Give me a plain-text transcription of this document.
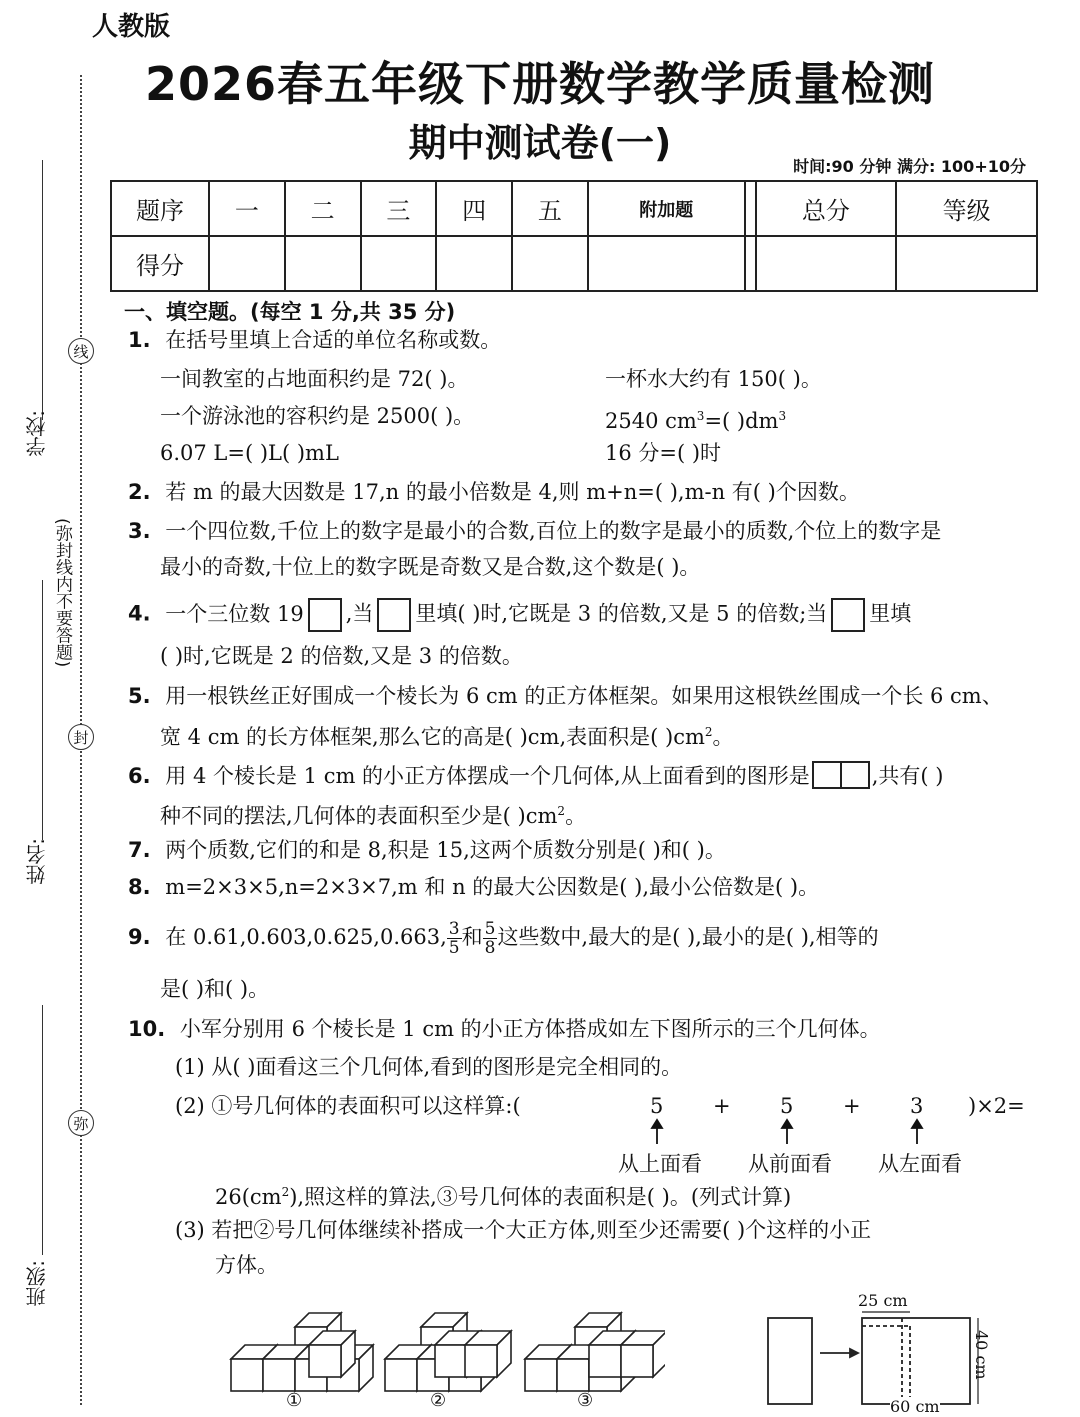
线
封
弥
(弥封线内不要答题)
学校:
姓名:
班级:
人教版
2026春五年级下册数学教学质量检测
期中测试卷(一)
时间:90 分钟 满分: 100+10分
题序	一	二	三	四	五	附加题		总分	等级
得分									
一、填空题。(每空 1 分,共 35 分)
1. 在括号里填上合适的单位名称或数。
一间教室的占地面积约是 72( )。	一杯水大约有 150( )。
一个游泳池的容积约是 2500( )。	2540 $cm^3=$( )$dm^3$
6.07 L=( )L( )mL	16 分=( )时
2. 若 m 的最大因数是 17,n 的最小倍数是 4,则 m+n=( ),m-n 有( )个因数。
3. 一个四位数,千位上的数字是最小的合数,百位上的数字是最小的质数,个位上的数字是
最小的奇数,十位上的数字既是奇数又是合数,这个数是( )。
4. 一个三位数 19 ,当 里填( )时,它既是 3 的倍数,又是 5 的倍数;当 里填
( )时,它既是 2 的倍数,又是 3 的倍数。
5. 用一根铁丝正好围成一个棱长为 6 cm 的正方体框架。如果用这根铁丝围成一个长 6 cm、
宽 4 cm 的长方体框架,那么它的高是( )cm,表面积是( )$cm^2$。
6. 用 4 个棱长是 1 cm 的小正方体摆成一个几何体,从上面看到的图形是	,共有( )
种不同的摆法,几何体的表面积至少是( )$cm^2$。
7. 两个质数,它们的和是 8,积是 15,这两个质数分别是( )和( )。
8. m=2×3×5,n=2×3×7,m 和 n 的最大公因数是( ),最小公倍数是( )。
9. 在 0.61,0.603,0.625,0.663, $\frac{3}{5}$ 和 $\frac{5}{8}$ 这些数中,最大的是( ),最小的是( ),相等的
是( )和( )。
10. 小军分别用 6 个棱长是 1 cm 的小正方体搭成如左下图所示的三个几何体。
(1) 从( )面看这三个几何体,看到的图形是完全相同的。
(2) ①号几何体的表面积可以这样算:(	5 + 5 + 3 )×2=
从上面看	从前面看	从左面看
$26(cm^2)$,照这样的算法,③号几何体的表面积是( )。(列式计算)
(3) 若把②号几何体继续补搭成一个大正方体,则至少还需要( )个这样的小正
方体。
①	②	③
25 cm
40 cm
60 cm
